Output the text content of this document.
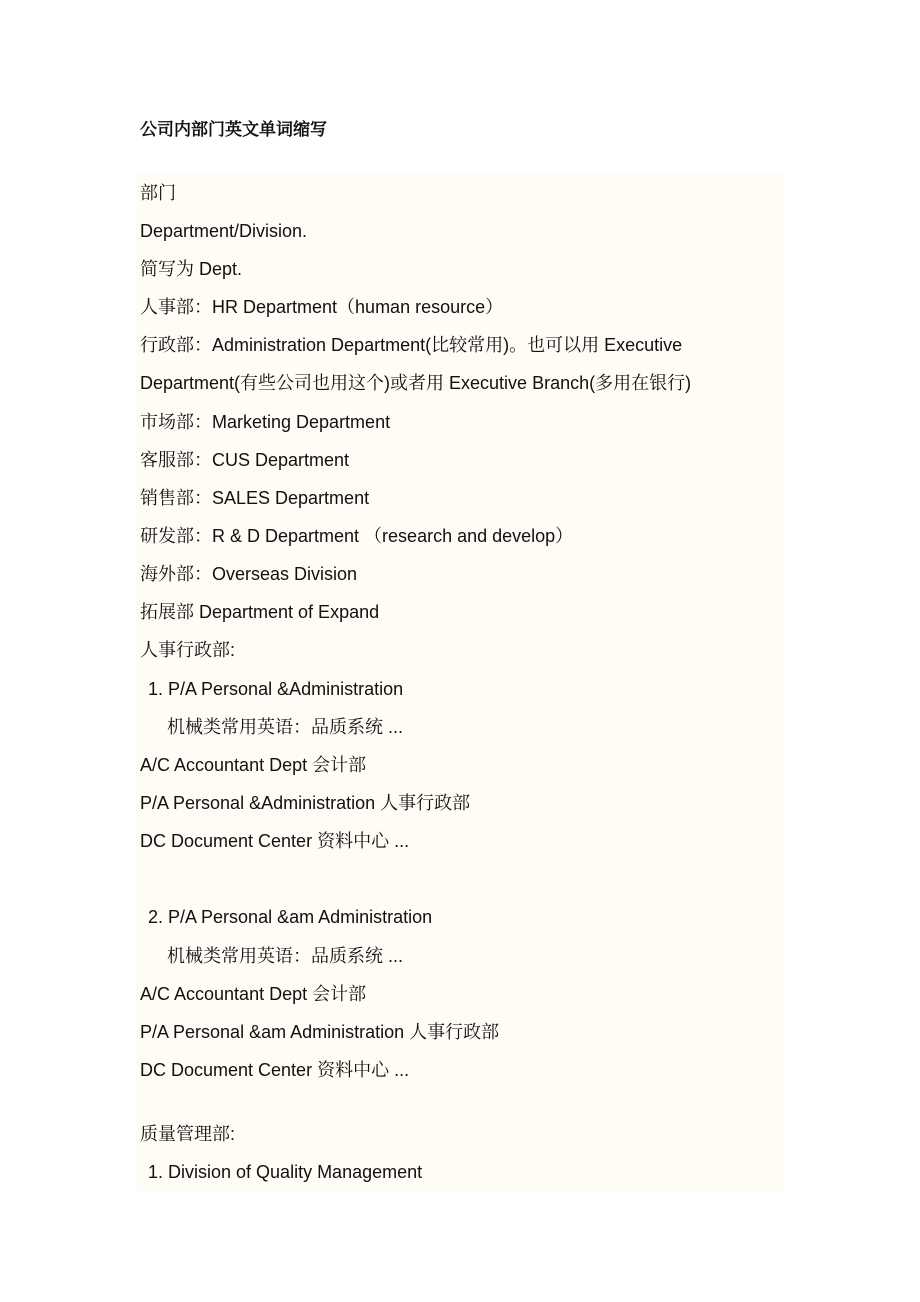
公司内部门英文单词缩写
部门
Department/Division.
简写为 Dept.
人事部：HR Department（human resource）
行政部：Administration Department(比较常用)。也可以用 Executive
Department(有些公司也用这个)或者用 Executive Branch(多用在银行)
市场部：Marketing Department
客服部：CUS Department
销售部：SALES Department
研发部：R & D Department （research and develop）
海外部：Overseas Division
拓展部 Department of Expand
人事行政部:
1. P/A Personal &Administration
机械类常用英语：品质系统 ...
A/C Accountant Dept 会计部
P/A Personal &Administration 人事行政部
DC Document Center 资料中心 ...
2. P/A Personal &am Administration
机械类常用英语：品质系统 ...
A/C Accountant Dept 会计部
P/A Personal &am Administration 人事行政部
DC Document Center 资料中心 ...
质量管理部:
1. Division of Quality Management
